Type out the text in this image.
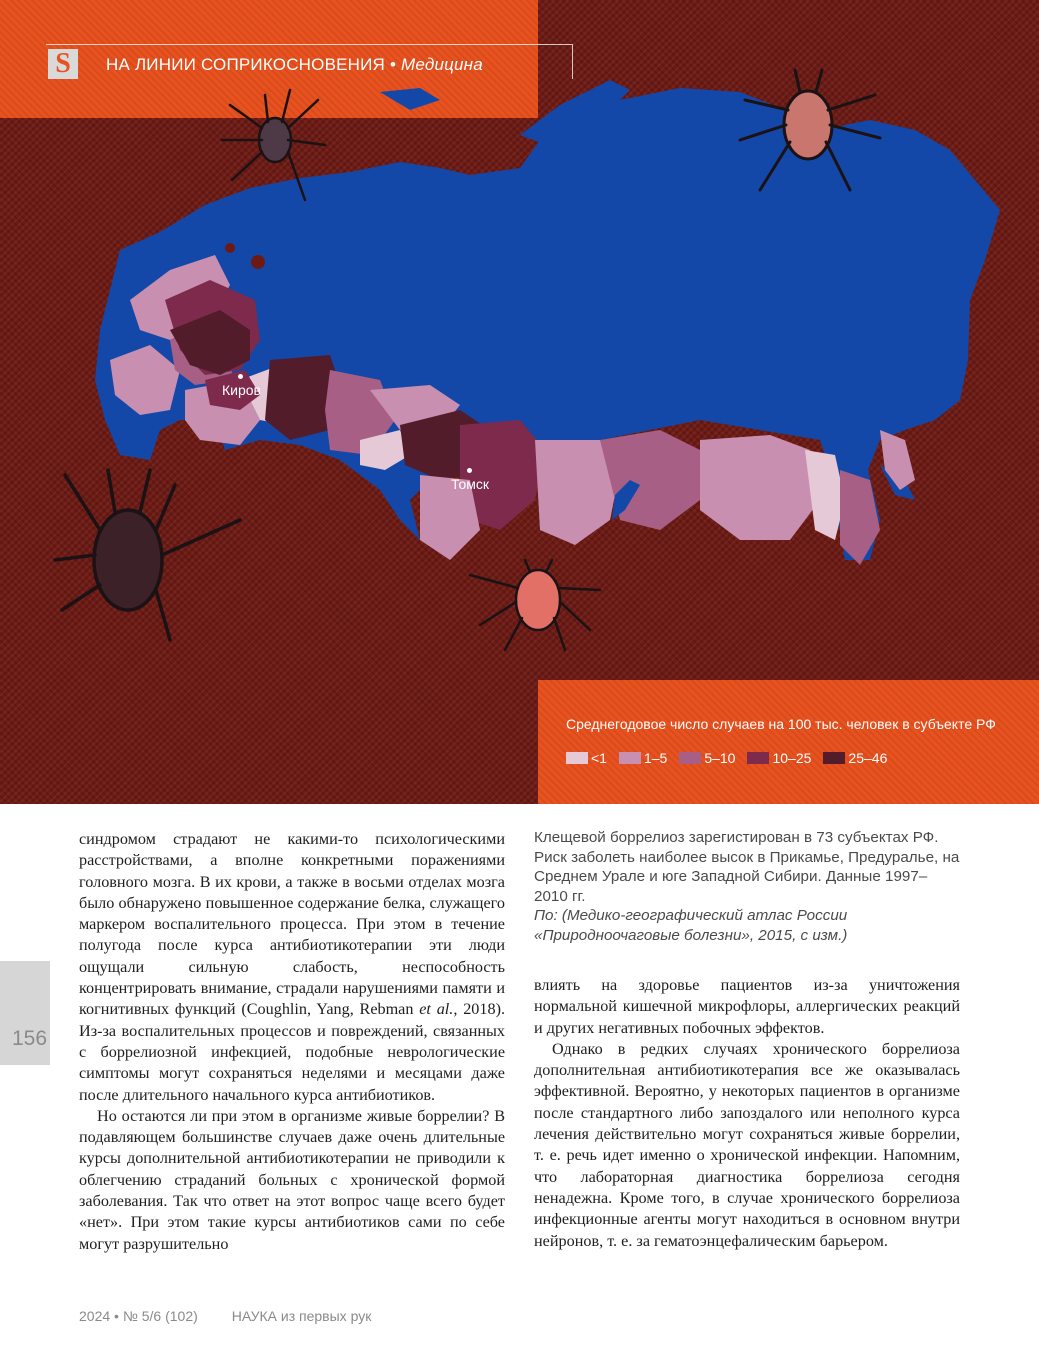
S	НА ЛИНИИ СОПРИКОСНОВЕНИЯ • Медицина
Киров
Томск
Среднегодовое число случаев на 100 тыс. человек в субъекте РФ
<1	1–5	5–10	10–25	25–46

синдромом страдают не какими-то психологическими расстройствами, а вполне конкретными поражениями головного мозга. В их крови, а также в восьми отделах мозга было обнаружено повышенное содержание белка, служащего маркером воспалительного процесса. При этом в течение полугода после курса антибиотикотерапии эти люди ощущали сильную слабость, неспособность концентрировать внимание, страдали нарушениями памяти и когнитивных функций (Coughlin, Yang, Rebman et al., 2018). Из-за воспалительных процессов и повреждений, связанных с боррелиозной инфекцией, подобные неврологические симптомы могут сохраняться неделями и месяцами даже после длительного начального курса антибиотиков.

Но остаются ли при этом в организме живые боррелии? В подавляющем большинстве случаев даже очень длительные курсы дополнительной антибиотикотерапии не приводили к облегчению страданий больных с хронической формой заболевания. Так что ответ на этот вопрос чаще всего будет «нет». При этом такие курсы антибиотиков сами по себе могут разрушительно

Клещевой боррелиоз зарегистирован в 73 субъектах РФ. Риск заболеть наиболее высок в Прикамье, Предуралье, на Среднем Урале и юге Западной Сибири. Данные 1997–2010 гг.
По: (Медико-географический атлас России «Природноочаговые болезни», 2015, с изм.)

влиять на здоровье пациентов из-за уничтожения нормальной кишечной микрофлоры, аллергических реакций и других негативных побочных эффектов.

Однако в редких случаях хронического боррелиоза дополнительная антибиотикотерапия все же оказывалась эффективной. Вероятно, у некоторых пациентов в организме после стандартного либо запоздалого или неполного курса лечения действительно могут сохраняться живые боррелии, т. е. речь идет именно о хронической инфекции. Напомним, что лабораторная диагностика боррелиоза сегодня ненадежна. Кроме того, в случае хронического боррелиоза инфекционные агенты могут находиться в основном внутри нейронов, т. е. за гематоэнцефалическим барьером.

156
2024 • № 5/6 (102) НАУКА из первых рук
